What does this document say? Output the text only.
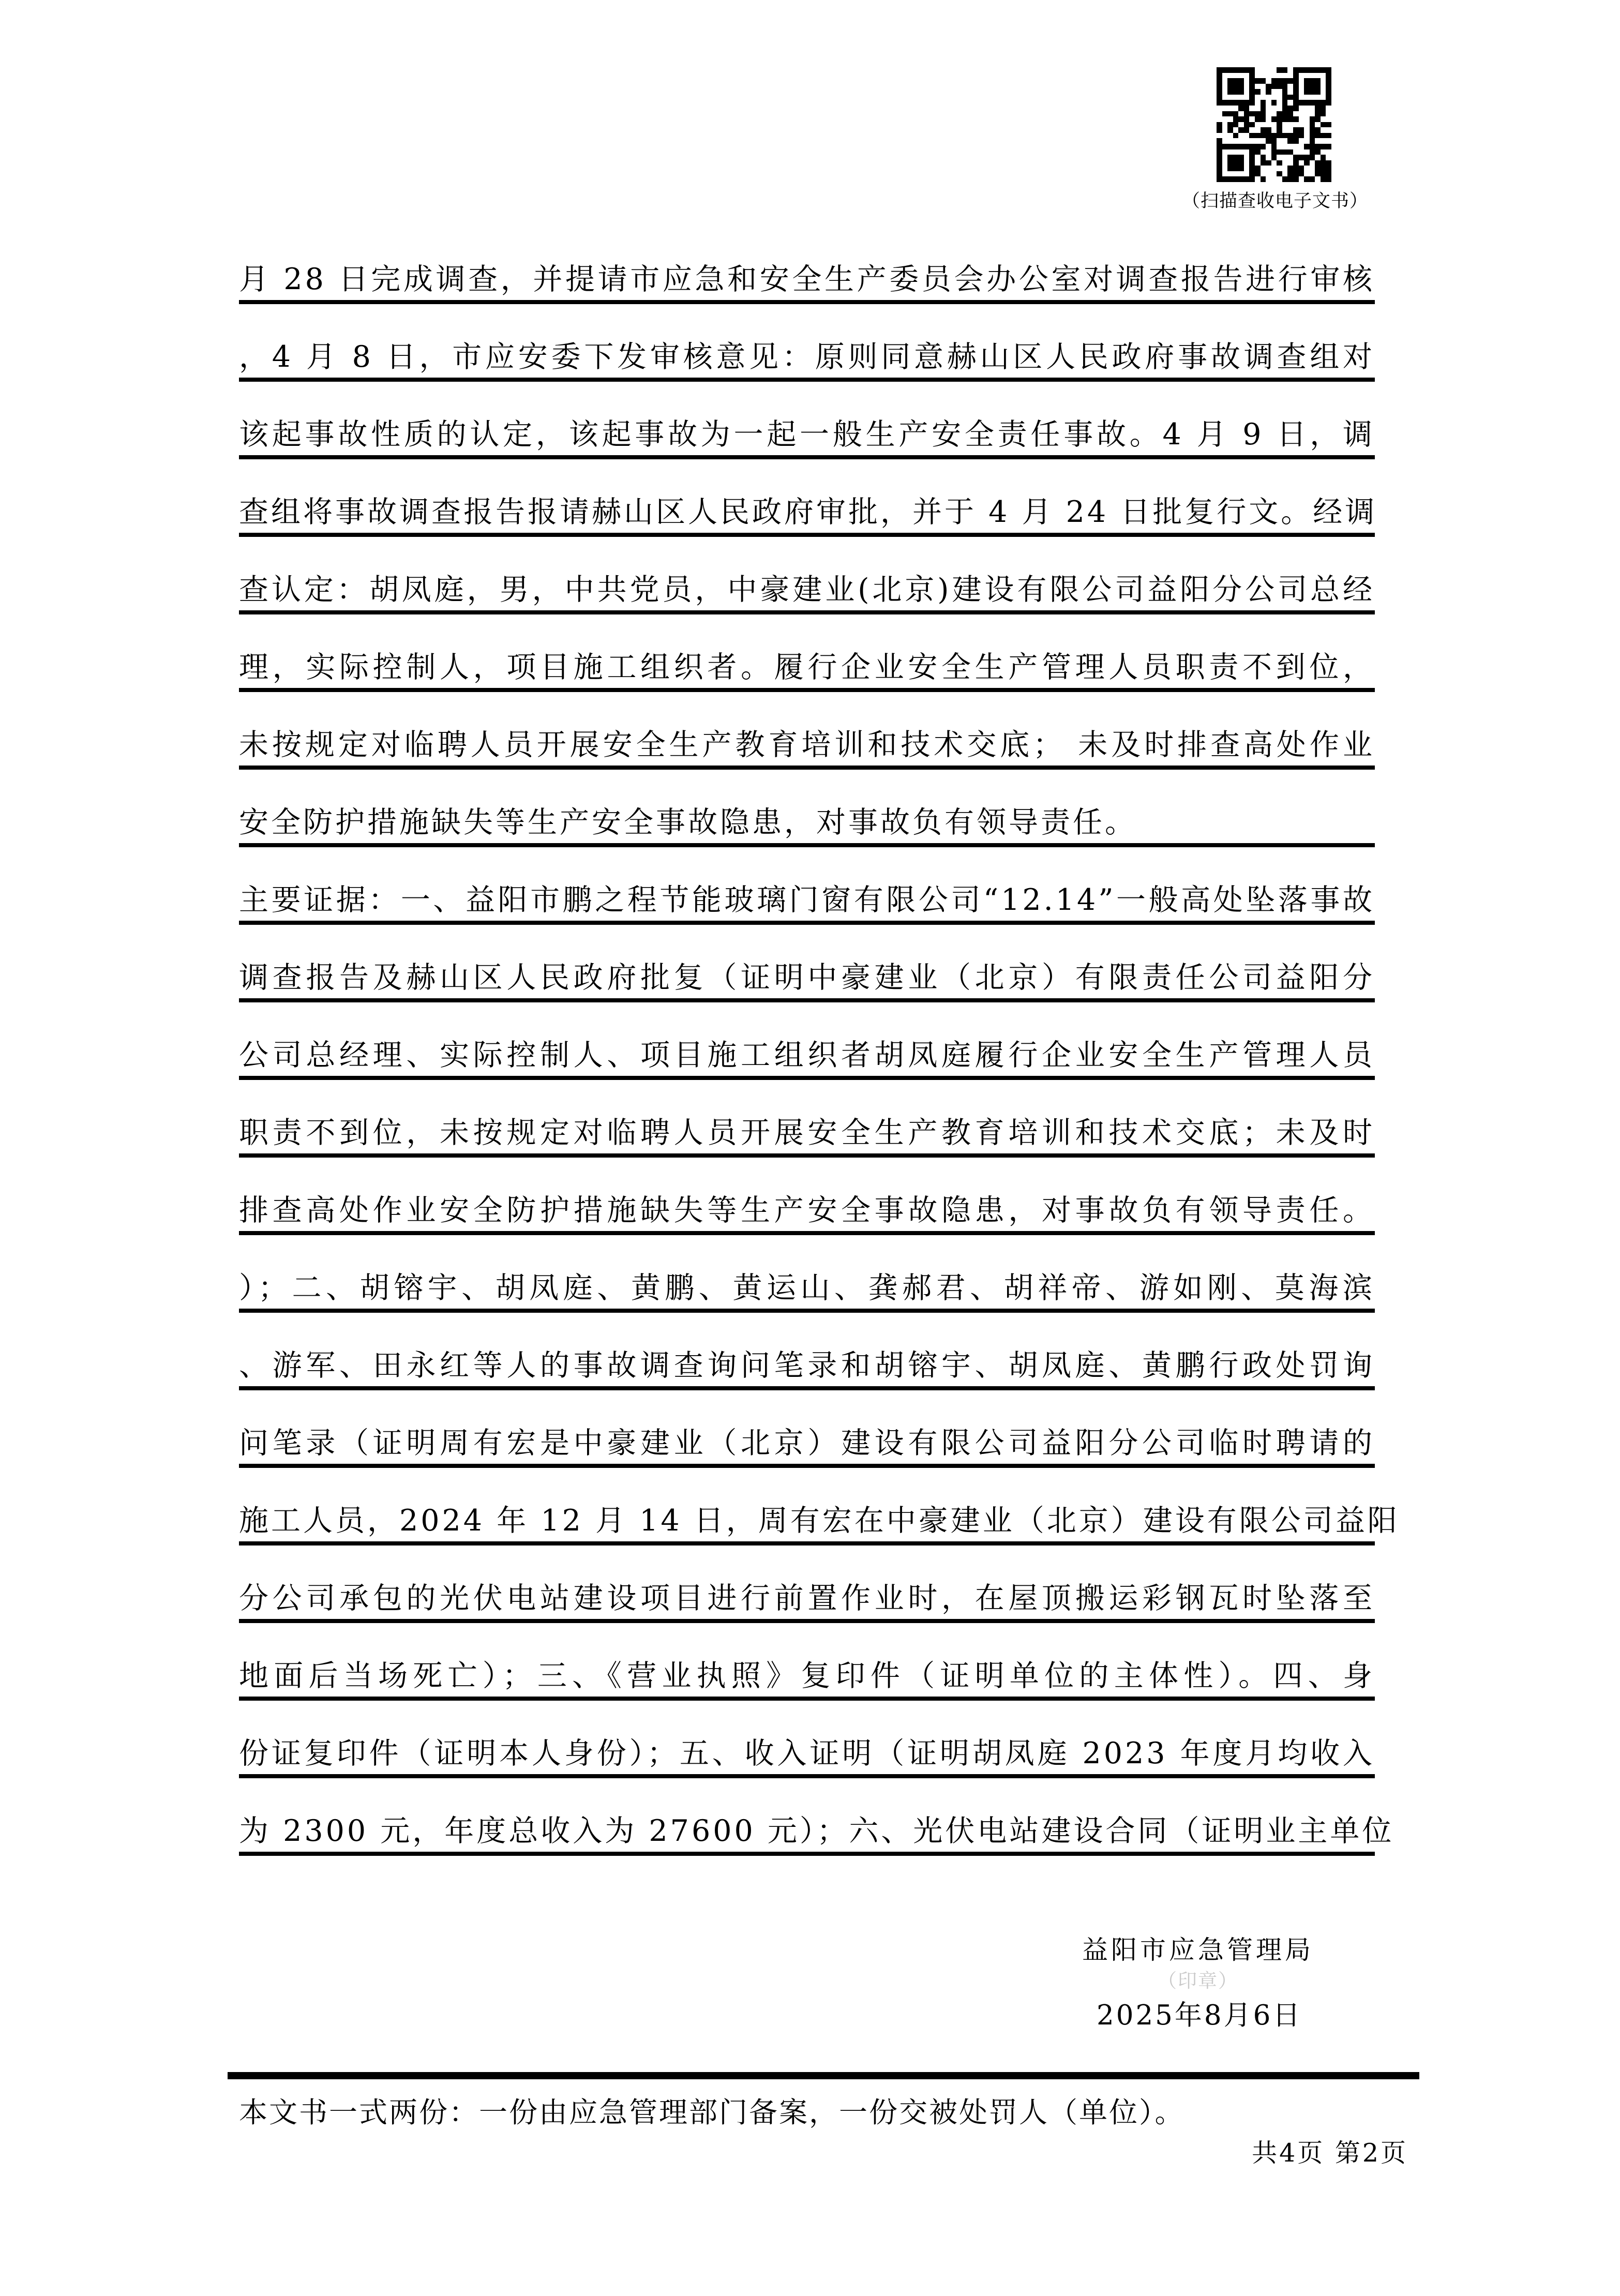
（扫描查收电子文书）
月 28 日完成调查，并提请市应急和安全生产委员会办公室对调查报告进行审核
，4 月 8 日，市应安委下发审核意见：原则同意赫山区人民政府事故调查组对
该起事故性质的认定，该起事故为一起一般生产安全责任事故。4 月 9 日，调
查组将事故调查报告报请赫山区人民政府审批，并于 4 月 24 日批复行文。经调
查认定：胡凤庭，男，中共党员，中豪建业(北京)建设有限公司益阳分公司总经
理，实际控制人，项目施工组织者。履行企业安全生产管理人员职责不到位，
未按规定对临聘人员开展安全生产教育培训和技术交底； 未及时排查高处作业
安全防护措施缺失等生产安全事故隐患，对事故负有领导责任。
主要证据：一、益阳市鹏之程节能玻璃门窗有限公司“12.14”一般高处坠落事故
调查报告及赫山区人民政府批复（证明中豪建业（北京）有限责任公司益阳分
公司总经理、实际控制人、项目施工组织者胡凤庭履行企业安全生产管理人员
职责不到位，未按规定对临聘人员开展安全生产教育培训和技术交底；未及时
排查高处作业安全防护措施缺失等生产安全事故隐患，对事故负有领导责任。
）；二、胡镕宇、胡凤庭、黄鹏、黄运山、龚郝君、胡祥帝、游如刚、莫海滨
、游军、田永红等人的事故调查询问笔录和胡镕宇、胡凤庭、黄鹏行政处罚询
问笔录（证明周有宏是中豪建业（北京）建设有限公司益阳分公司临时聘请的
施工人员，2024 年 12 月 14 日，周有宏在中豪建业（北京）建设有限公司益阳
分公司承包的光伏电站建设项目进行前置作业时，在屋顶搬运彩钢瓦时坠落至
地面后当场死亡）；三、《营业执照》复印件（证明单位的主体性）。四、身
份证复印件（证明本人身份）；五、收入证明（证明胡凤庭 2023 年度月均收入
为 2300 元，年度总收入为 27600 元）；六、光伏电站建设合同（证明业主单位
益阳市应急管理局
（印章）
2025年8月6日
本文书一式两份：一份由应急管理部门备案，一份交被处罚人（单位）。
共4页 第2页
